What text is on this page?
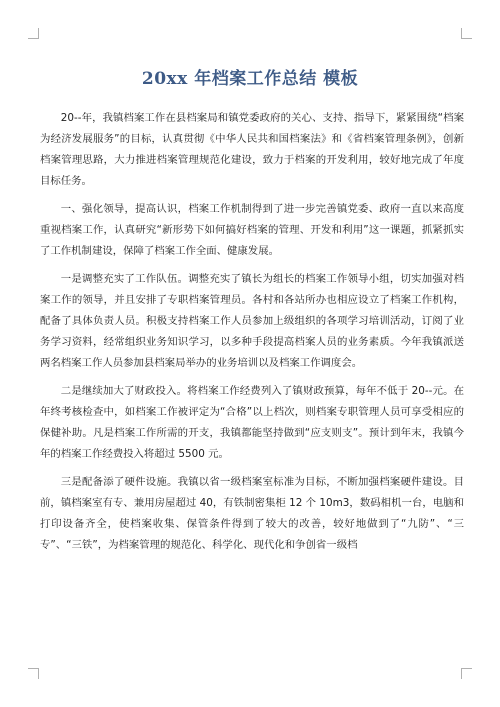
20xx 年档案工作总结 模板

20--年，我镇档案工作在县档案局和镇党委政府的关心、支持、指导下，紧紧围绕“档案为经济发展服务”的目标，认真贯彻《中华人民共和国档案法》和《省档案管理条例》，创新档案管理思路，大力推进档案管理规范化建设，致力于档案的开发利用，较好地完成了年度目标任务。

一、强化领导，提高认识，档案工作机制得到了进一步完善镇党委、政府一直以来高度重视档案工作，认真研究“新形势下如何搞好档案的管理、开发和利用”这一课题，抓紧抓实了工作机制建设，保障了档案工作全面、健康发展。

一是调整充实了工作队伍。调整充实了镇长为组长的档案工作领导小组，切实加强对档案工作的领导，并且安排了专职档案管理员。各村和各站所办也相应设立了档案工作机构，配备了具体负责人员。积极支持档案工作人员参加上级组织的各项学习培训活动，订阅了业务学习资料，经常组织业务知识学习，以多种手段提高档案人员的业务素质。今年我镇派送两名档案工作人员参加县档案局举办的业务培训以及档案工作调度会。

二是继续加大了财政投入。将档案工作经费列入了镇财政预算，每年不低于 20--元。在年终考核检查中，如档案工作被评定为“合格”以上档次，则档案专职管理人员可享受相应的保健补助。凡是档案工作所需的开支，我镇都能坚持做到“应支则支”。预计到年末，我镇今年的档案工作经费投入将超过 5500 元。

三是配备添了硬件设施。我镇以省一级档案室标准为目标，不断加强档案硬件建设。目前，镇档案室有专、兼用房屋超过 40，有铁制密集柜 12 个 10m3，数码相机一台，电脑和打印设备齐全，使档案收集、保管条件得到了较大的改善，较好地做到了“九防”、“三专”、“三铁”，为档案管理的规范化、科学化、现代化和争创省一级档
